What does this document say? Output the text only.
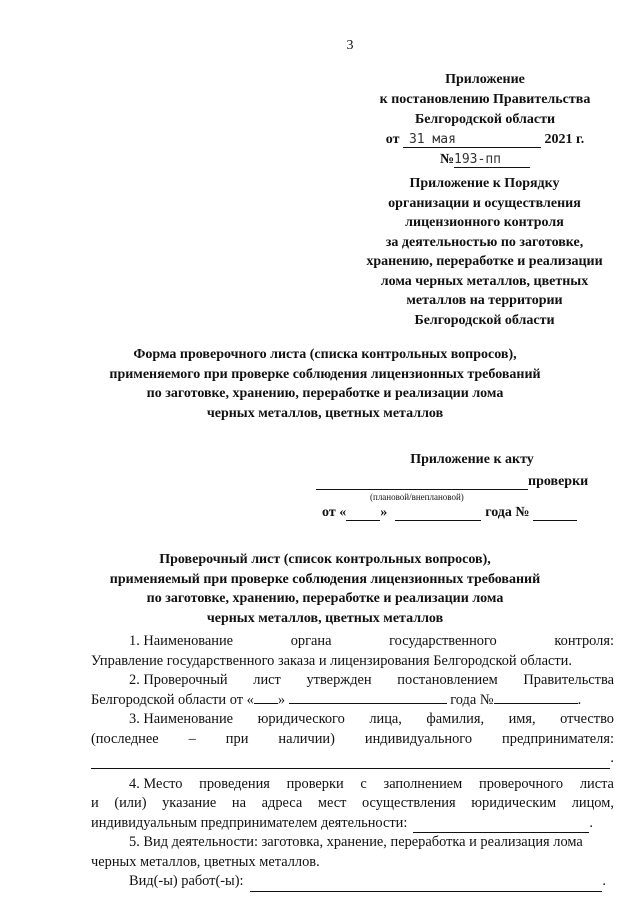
3
Приложение
к постановлению Правительства
Белгородской области
от 31 мая	2021 г.
№193-пп
Приложение к Порядку
организации и осуществления
лицензионного контроля
за деятельностью по заготовке,
хранению, переработке и реализации
лома черных металлов, цветных
металлов на территории
Белгородской области
Форма проверочного листа (списка контрольных вопросов),
применяемого при проверке соблюдения лицензионных требований
по заготовке, хранению, переработке и реализации лома
черных металлов, цветных металлов
Приложение к акту
проверки
(плановой/внеплановой)
от « »	года №
Проверочный лист (список контрольных вопросов),
применяемый при проверке соблюдения лицензионных требований
по заготовке, хранению, переработке и реализации лома
черных металлов, цветных металлов
1. Наименование	органа	государственного	контроля:
Управление государственного заказа и лицензирования Белгородской области.
2. Проверочный лист утвержден постановлением Правительства
Белгородской области от « »	года №	.
3. Наименование юридического лица, фамилия, имя, отчество
(последнее – при наличии) индивидуального предпринимателя:
.
4. Место проведения проверки с заполнением проверочного листа
и (или) указание на адреса мест осуществления юридическим лицом,
индивидуальным предпринимателем деятельности:	.
5. Вид деятельности: заготовка, хранение, переработка и реализация лома
черных металлов, цветных металлов.
Вид(-ы) работ(-ы):	.
